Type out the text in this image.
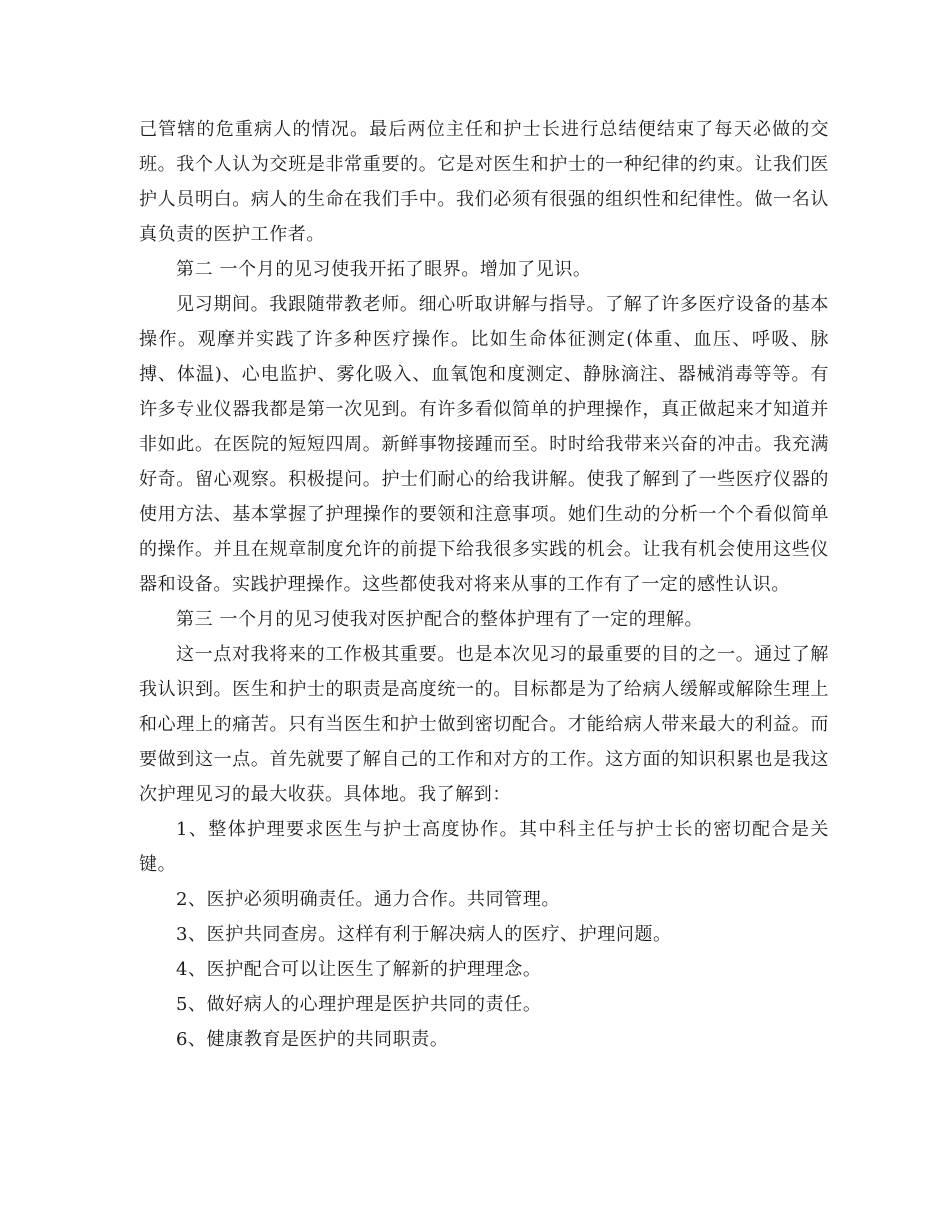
己管辖的危重病人的情况。最后两位主任和护士长进行总结便结束了每天必做的交班。我个人认为交班是非常重要的。它是对医生和护士的一种纪律的约束。让我们医护人员明白。病人的生命在我们手中。我们必须有很强的组织性和纪律性。做一名认真负责的医护工作者。

第二 一个月的见习使我开拓了眼界。增加了见识。

见习期间。我跟随带教老师。细心听取讲解与指导。了解了许多医疗设备的基本操作。观摩并实践了许多种医疗操作。比如生命体征测定(体重、血压、呼吸、脉搏、体温)、心电监护、雾化吸入、血氧饱和度测定、静脉滴注、器械消毒等等。有许多专业仪器我都是第一次见到。有许多看似简单的护理操作，真正做起来才知道并非如此。在医院的短短四周。新鲜事物接踵而至。时时给我带来兴奋的冲击。我充满好奇。留心观察。积极提问。护士们耐心的给我讲解。使我了解到了一些医疗仪器的使用方法、基本掌握了护理操作的要领和注意事项。她们生动的分析一个个看似简单的操作。并且在规章制度允许的前提下给我很多实践的机会。让我有机会使用这些仪器和设备。实践护理操作。这些都使我对将来从事的工作有了一定的感性认识。

第三 一个月的见习使我对医护配合的整体护理有了一定的理解。

这一点对我将来的工作极其重要。也是本次见习的最重要的目的之一。通过了解我认识到。医生和护士的职责是高度统一的。目标都是为了给病人缓解或解除生理上和心理上的痛苦。只有当医生和护士做到密切配合。才能给病人带来最大的利益。而要做到这一点。首先就要了解自己的工作和对方的工作。这方面的知识积累也是我这次护理见习的最大收获。具体地。我了解到：

1、整体护理要求医生与护士高度协作。其中科主任与护士长的密切配合是关键。

2、医护必须明确责任。通力合作。共同管理。

3、医护共同查房。这样有利于解决病人的医疗、护理问题。

4、医护配合可以让医生了解新的护理理念。

5、做好病人的心理护理是医护共同的责任。

6、健康教育是医护的共同职责。
